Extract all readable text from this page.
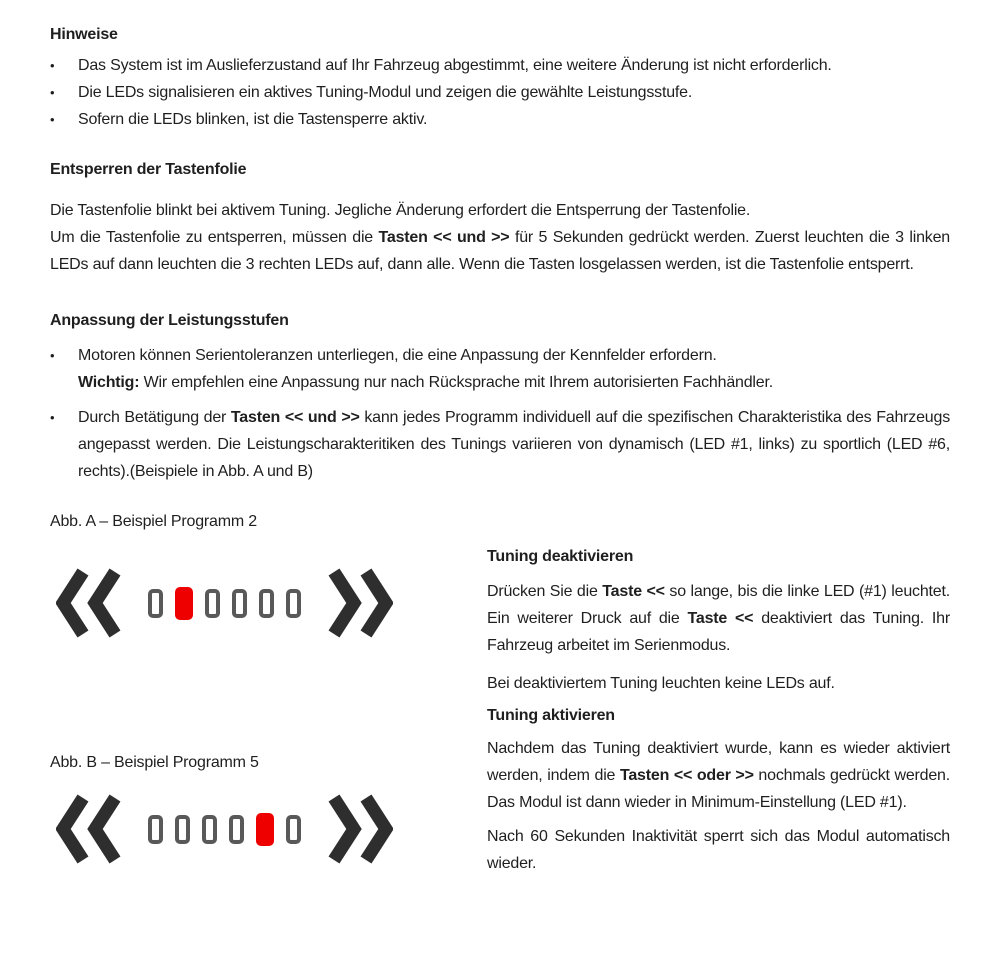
Hinweise
•	Das System ist im Auslieferzustand auf Ihr Fahrzeug abgestimmt, eine weitere Änderung ist nicht erforderlich.
•	Die LEDs signalisieren ein aktives Tuning-Modul und zeigen die gewählte Leistungsstufe.
•	Sofern die LEDs blinken, ist die Tastensperre aktiv.
Entsperren der Tastenfolie
Die Tastenfolie blinkt bei aktivem Tuning. Jegliche Änderung erfordert die Entsperrung der Tastenfolie.
Um die Tastenfolie zu entsperren, müssen die Tasten << und >> für 5 Sekunden gedrückt werden. Zuerst leuchten die 3 linken LEDs auf dann leuchten die 3 rechten LEDs auf, dann alle. Wenn die Tasten losgelassen werden, ist die Tastenfolie entsperrt.
Anpassung der Leistungsstufen
•	Motoren können Serientoleranzen unterliegen, die eine Anpassung der Kennfelder erfordern.
Wichtig: Wir empfehlen eine Anpassung nur nach Rücksprache mit Ihrem autorisierten Fachhändler.
•	Durch Betätigung der Tasten << und >> kann jedes Programm individuell auf die spezifischen Charakteristika des Fahrzeugs angepasst werden. Die Leistungscharakteritiken des Tunings variieren von dynamisch (LED #1, links) zu sportlich (LED #6, rechts).(Beispiele in Abb. A und B)
Abb. A – Beispiel Programm 2
Abb. B – Beispiel Programm 5
Tuning deaktivieren
Drücken Sie die Taste << so lange, bis die linke LED (#1) leuchtet. Ein weiterer Druck auf die Taste << deaktiviert das Tuning. Ihr Fahrzeug arbeitet im Serienmodus.
Bei deaktiviertem Tuning leuchten keine LEDs auf.
Tuning aktivieren
Nachdem das Tuning deaktiviert wurde, kann es wieder aktiviert werden, indem die Tasten << oder >> nochmals gedrückt werden. Das Modul ist dann wieder in Minimum-Einstellung (LED #1).
Nach 60 Sekunden Inaktivität sperrt sich das Modul automatisch wieder.
